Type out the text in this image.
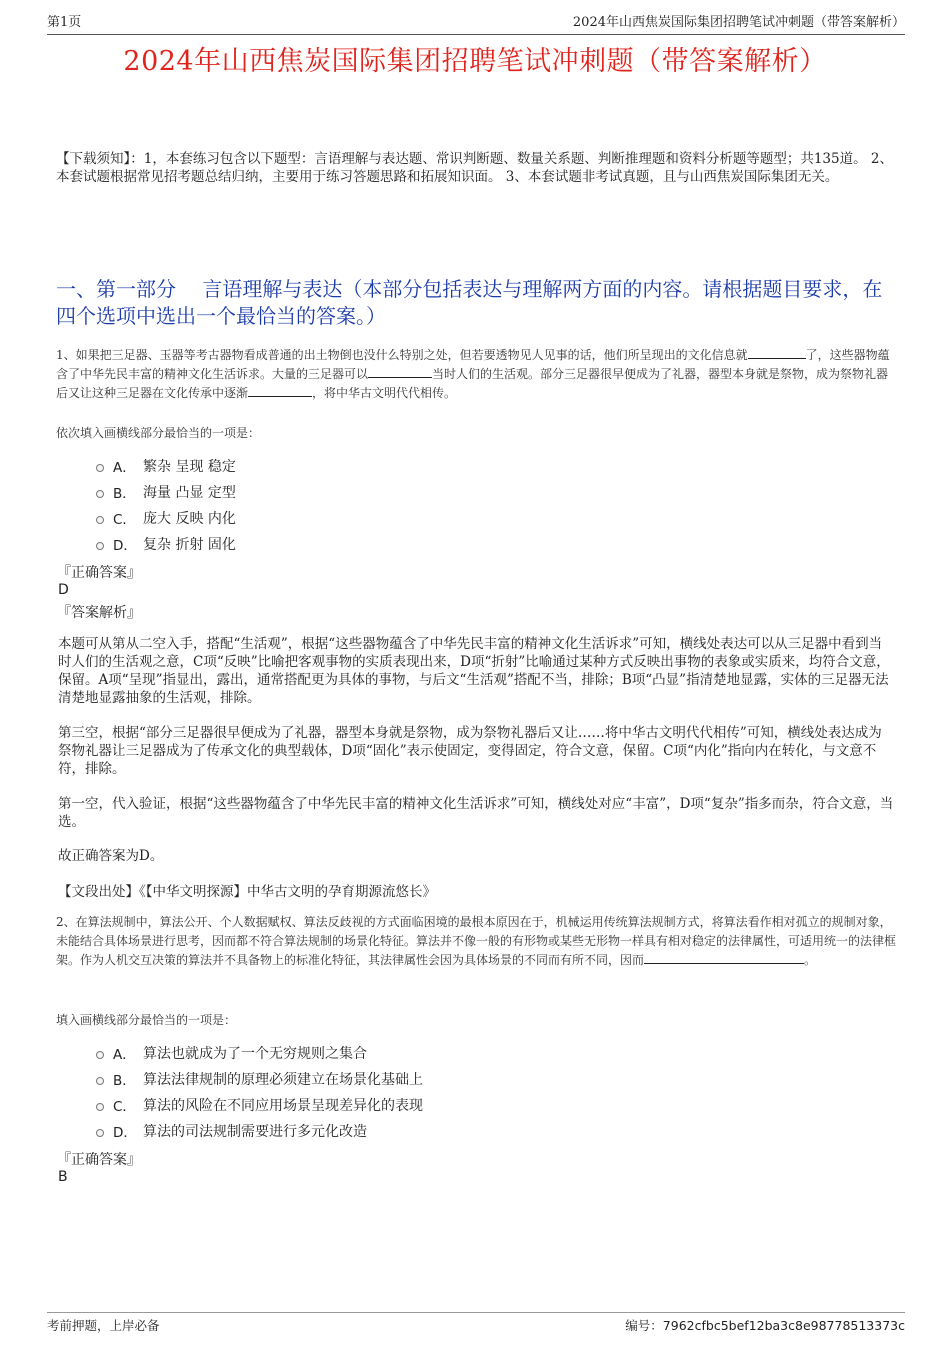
第1页	2024年山西焦炭国际集团招聘笔试冲刺题（带答案解析）
2024年山西焦炭国际集团招聘笔试冲刺题（带答案解析）
【下载须知】：1，本套练习包含以下题型：言语理解与表达题、常识判断题、数量关系题、判断推理题和资料分析题等题型；共135道。 2、本套试题根据常见招考题总结归纳，主要用于练习答题思路和拓展知识面。 3、本套试题非考试真题，且与山西焦炭国际集团无关。
一、第一部分　 言语理解与表达（本部分包括表达与理解两方面的内容。请根据题目要求，在四个选项中选出一个最恰当的答案。）
1、如果把三足器、玉器等考古器物看成普通的出土物倒也没什么特别之处，但若要透物见人见事的话，他们所呈现出的文化信息就	了，这些器物蕴含了中华先民丰富的精神文化生活诉求。大量的三足器可以	当时人们的生活观。部分三足器很早便成为了礼器，器型本身就是祭物，成为祭物礼器后又让这种三足器在文化传承中逐渐	，将中华古文明代代相传。
依次填入画横线部分最恰当的一项是：
A． 繁杂 呈现 稳定
B． 海量 凸显 定型
C． 庞大 反映 内化
D． 复杂 折射 固化
『正确答案』
D
『答案解析』
本题可从第从二空入手，搭配“生活观”，根据“这些器物蕴含了中华先民丰富的精神文化生活诉求”可知，横线处表达可以从三足器中看到当时人们的生活观之意，C项“反映”比喻把客观事物的实质表现出来，D项“折射”比喻通过某种方式反映出事物的表象或实质来，均符合文意，保留。A项“呈现”指显出，露出，通常搭配更为具体的事物，与后文“生活观”搭配不当，排除；B项“凸显”指清楚地显露，实体的三足器无法清楚地显露抽象的生活观，排除。
第三空，根据“部分三足器很早便成为了礼器，器型本身就是祭物，成为祭物礼器后又让……将中华古文明代代相传”可知，横线处表达成为祭物礼器让三足器成为了传承文化的典型载体，D项“固化”表示使固定，变得固定，符合文意，保留。C项“内化”指向内在转化，与文意不符，排除。
第一空，代入验证，根据“这些器物蕴含了中华先民丰富的精神文化生活诉求”可知，横线处对应“丰富”，D项“复杂”指多而杂，符合文意，当选。
故正确答案为D。
【文段出处】《【中华文明探源】中华古文明的孕育期源流悠长》
2、在算法规制中，算法公开、个人数据赋权、算法反歧视的方式面临困境的最根本原因在于，机械运用传统算法规制方式，将算法看作相对孤立的规制对象，未能结合具体场景进行思考，因而都不符合算法规制的场景化特征。算法并不像一般的有形物或某些无形物一样具有相对稳定的法律属性，可适用统一的法律框架。作为人机交互决策的算法并不具备物上的标准化特征，其法律属性会因为具体场景的不同而有所不同，因而	。
填入画横线部分最恰当的一项是：
A． 算法也就成为了一个无穷规则之集合
B． 算法法律规制的原理必须建立在场景化基础上
C． 算法的风险在不同应用场景呈现差异化的表现
D． 算法的司法规制需要进行多元化改造
『正确答案』
B
考前押题，上岸必备	编号：7962cfbc5bef12ba3c8e98778513373c
